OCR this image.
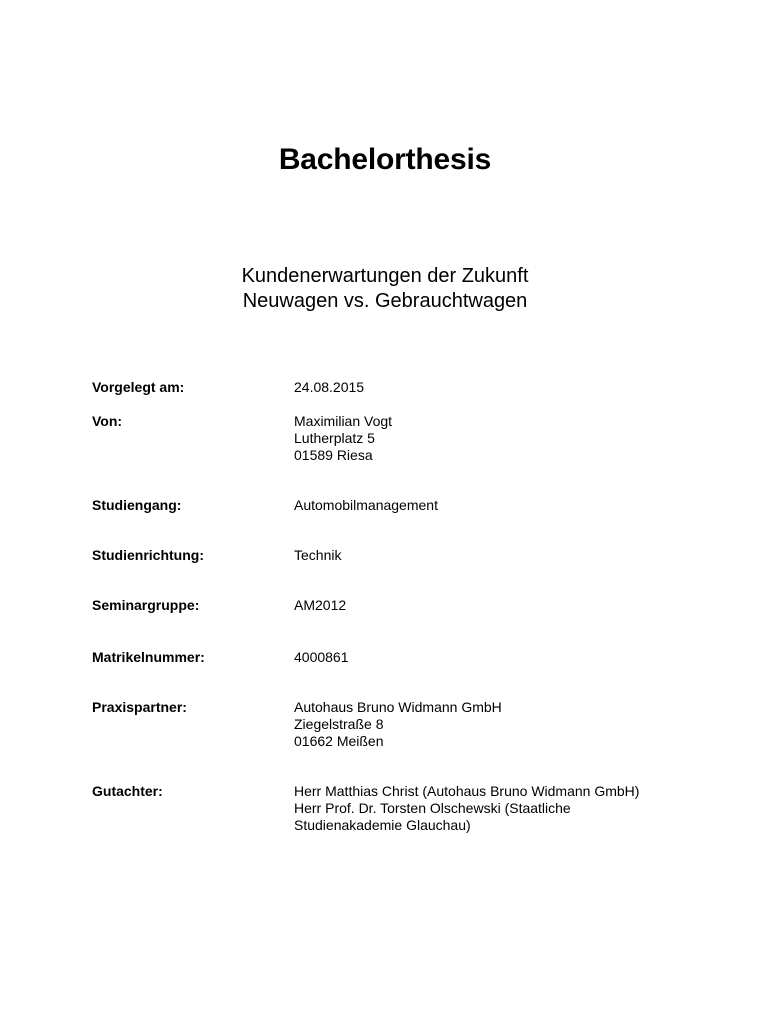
Bachelorthesis
Kundenerwartungen der Zukunft
Neuwagen vs. Gebrauchtwagen
Vorgelegt am:	24.08.2015
Von:	Maximilian Vogt
Lutherplatz 5
01589 Riesa
Studiengang:	Automobilmanagement
Studienrichtung:	Technik
Seminargruppe:	AM2012
Matrikelnummer:	4000861
Praxispartner:	Autohaus Bruno Widmann GmbH
Ziegelstraße 8
01662 Meißen
Gutachter:	Herr Matthias Christ (Autohaus Bruno Widmann GmbH)
Herr Prof. Dr. Torsten Olschewski (Staatliche
Studienakademie Glauchau)
